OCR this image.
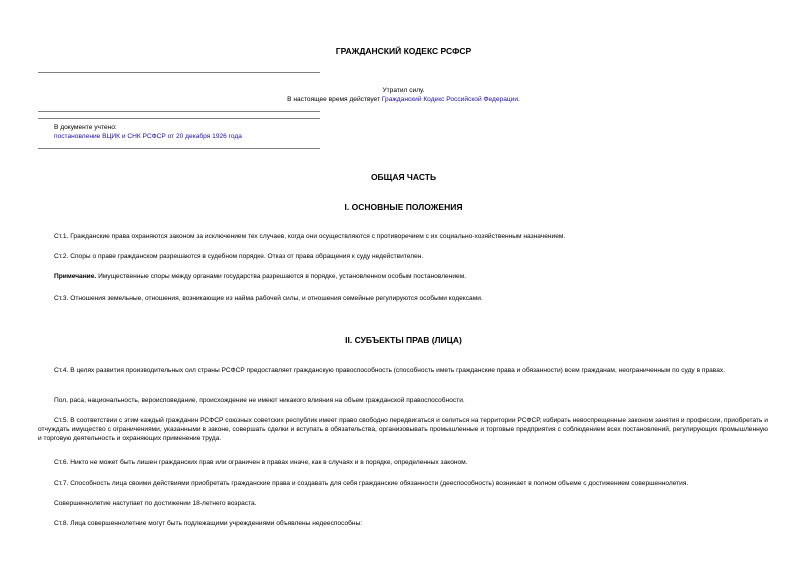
ГРАЖДАНСКИЙ КОДЕКС РСФСР
Утратил силу.
В настоящее время действует Гражданский Кодекс Российской Федерации.
В документе учтено:
постановление ВЦИК и СНК РСФСР от 20 декабря 1926 года
ОБЩАЯ ЧАСТЬ
I. ОСНОВНЫЕ ПОЛОЖЕНИЯ
Ст.1. Гражданские права охраняются законом за исключением тех случаев, когда они осуществляются с противоречием с их социально-хозяйственным назначением.
Ст.2. Споры о праве гражданском разрешаются в судебном порядке. Отказ от права обращения к суду недействителен.
Примечание. Имущественные споры между органами государства разрешаются в порядке, установленном особым постановлением.
Ст.3. Отношения земельные, отношения, возникающие из найма рабочей силы, и отношения семейные регулируются особыми кодексами.
II. СУБЪЕКТЫ ПРАВ (ЛИЦА)
Ст.4. В целях развития производительных сил страны РСФСР предоставляет гражданскую правоспособность (способность иметь гражданские права и обязанности) всем гражданам, неограниченным по суду в правах.
Пол, раса, национальность, вероисповедание, происхождение не имеют никакого влияния на объем гражданской правоспособности.
Ст.5. В соответствии с этим каждый гражданин РСФСР союзных советских республик имеет право свободно передвигаться и селиться на территории РСФСР, избирать невоспрещенные законом занятия и профессии, приобретать и отчуждать имущество с ограничениями, указанными в законе, совершать сделки и вступать в обязательства, организовывать промышленные и торговые предприятия с соблюдением всех постановлений, регулирующих промышленную и торговую деятельность и охраняющих применение труда.
Ст.6. Никто не может быть лишен гражданских прав или ограничен в правах иначе, как в случаях и в порядке, определенных законом.
Ст.7. Способность лица своими действиями приобретать гражданские права и создавать для себя гражданские обязанности (дееспособность) возникает в полном объеме с достижением совершеннолетия.
Совершеннолетие наступает по достижении 18-летнего возраста.
Ст.8. Лица совершеннолетние могут быть подлежащими учреждениями объявлены недееспособны:
